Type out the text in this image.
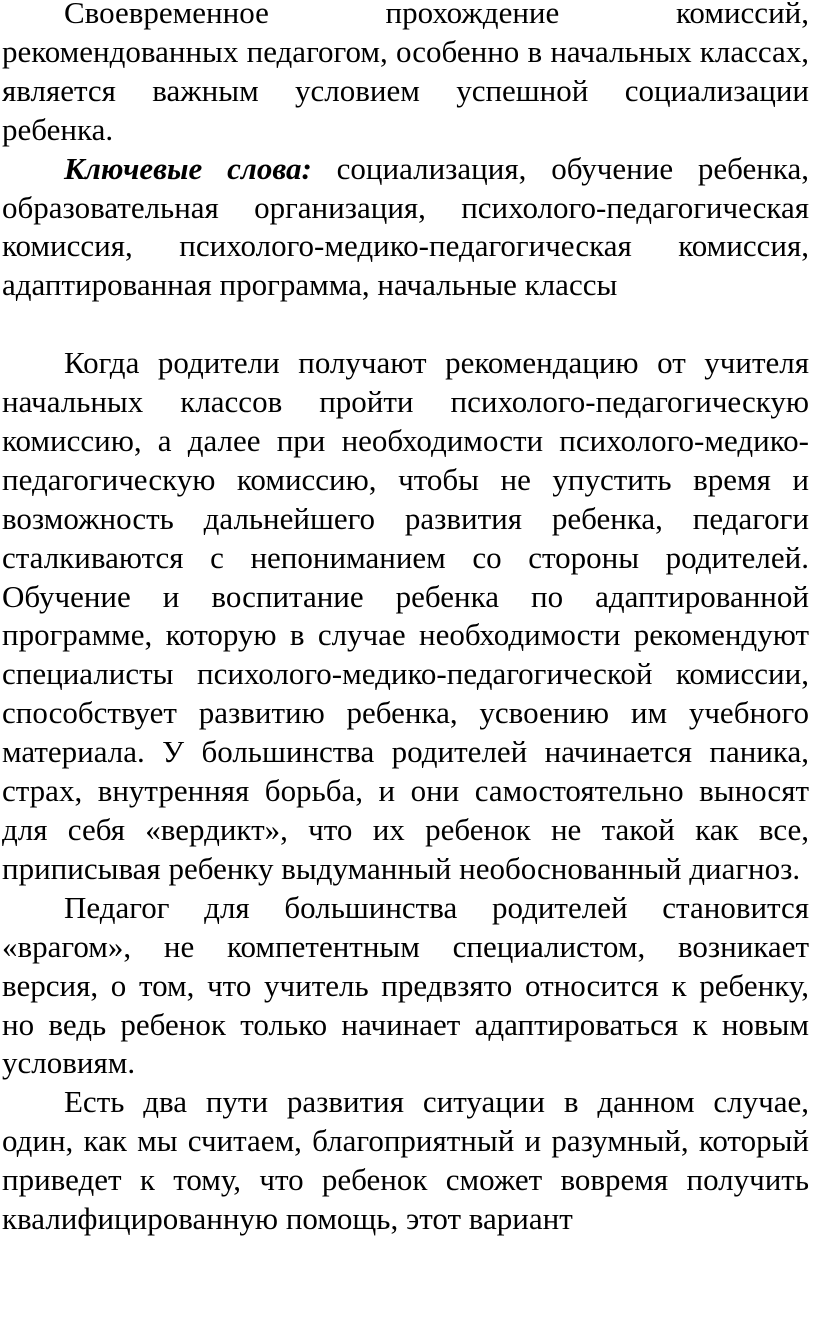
Своевременное прохождение комиссий, рекомендованных педагогом, особенно в начальных классах, является важным условием успешной социализации ребенка.

Ключевые слова: социализация, обучение ребенка, образовательная организация, психолого-педагогическая комиссия, психолого-медико-педагогическая комиссия, адаптированная программа, начальные классы

Когда родители получают рекомендацию от учителя начальных классов пройти психолого-педагогическую комиссию, а далее при необходимости психолого-медико-педагогическую комиссию, чтобы не упустить время и возможность дальнейшего развития ребенка, педагоги сталкиваются с непониманием со стороны родителей. Обучение и воспитание ребенка по адаптированной программе, которую в случае необходимости рекомендуют специалисты психолого-медико-педагогической комиссии, способствует развитию ребенка, усвоению им учебного материала. У большинства родителей начинается паника, страх, внутренняя борьба, и они самостоятельно выносят для себя «вердикт», что их ребенок не такой как все, приписывая ребенку выдуманный необоснованный диагноз.

Педагог для большинства родителей становится «врагом», не компетентным специалистом, возникает версия, о том, что учитель предвзято относится к ребенку, но ведь ребенок только начинает адаптироваться к новым условиям.

Есть два пути развития ситуации в данном случае, один, как мы считаем, благоприятный и разумный, который приведет к тому, что ребенок сможет вовремя получить квалифицированную помощь, этот вариант
